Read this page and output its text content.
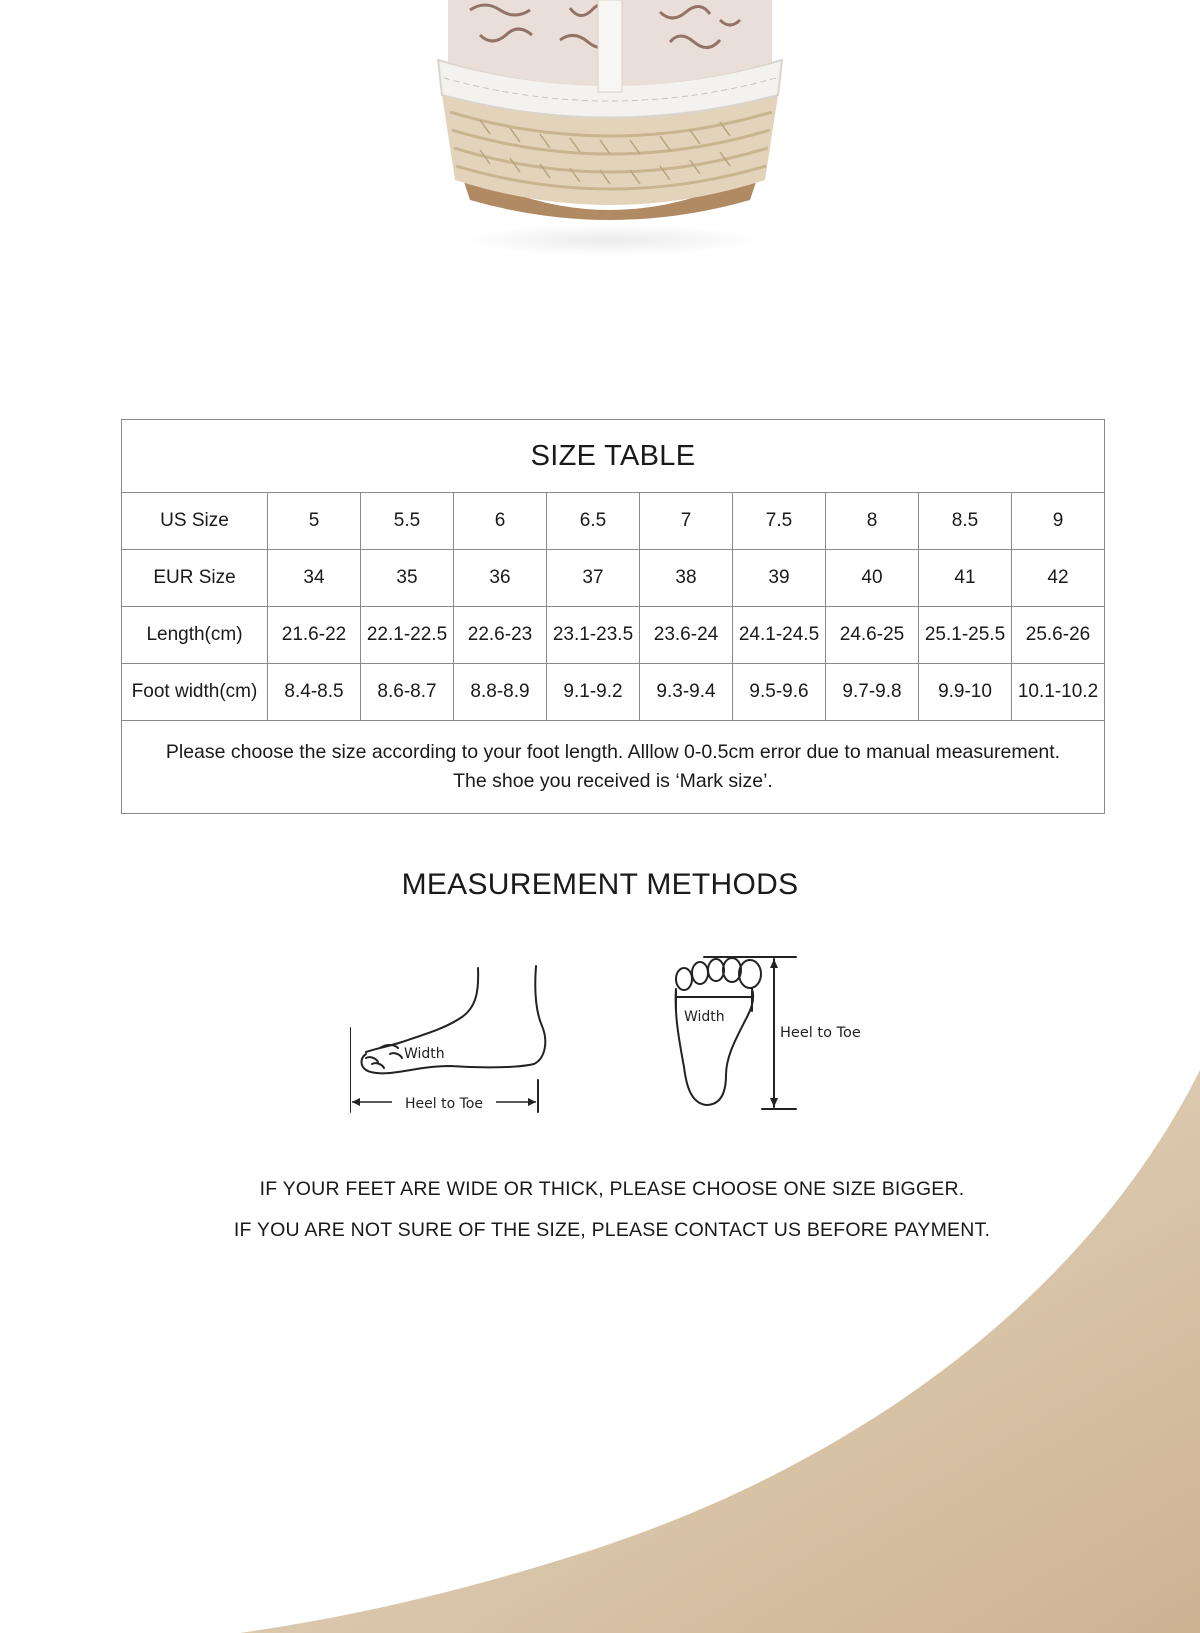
SIZE TABLE									
US Size	5	5.5	6	6.5	7	7.5	8	8.5	9
EUR Size	34	35	36	37	38	39	40	41	42
Length(cm)	21.6-22	22.1-22.5	22.6-23	23.1-23.5	23.6-24	24.1-24.5	24.6-25	25.1-25.5	25.6-26
Foot width(cm)	8.4-8.5	8.6-8.7	8.8-8.9	9.1-9.2	9.3-9.4	9.5-9.6	9.7-9.8	9.9-10	10.1-10.2

Please choose the size according to your foot length. Alllow 0-0.5cm error due to manual measurement.
The shoe you received is ‘Mark size’.									
MEASUREMENT METHODS
Width
Heel to Toe
Width
Heel to Toe
IF YOUR FEET ARE WIDE OR THICK, PLEASE CHOOSE ONE SIZE BIGGER.
IF YOU ARE NOT SURE OF THE SIZE, PLEASE CONTACT US BEFORE PAYMENT.
